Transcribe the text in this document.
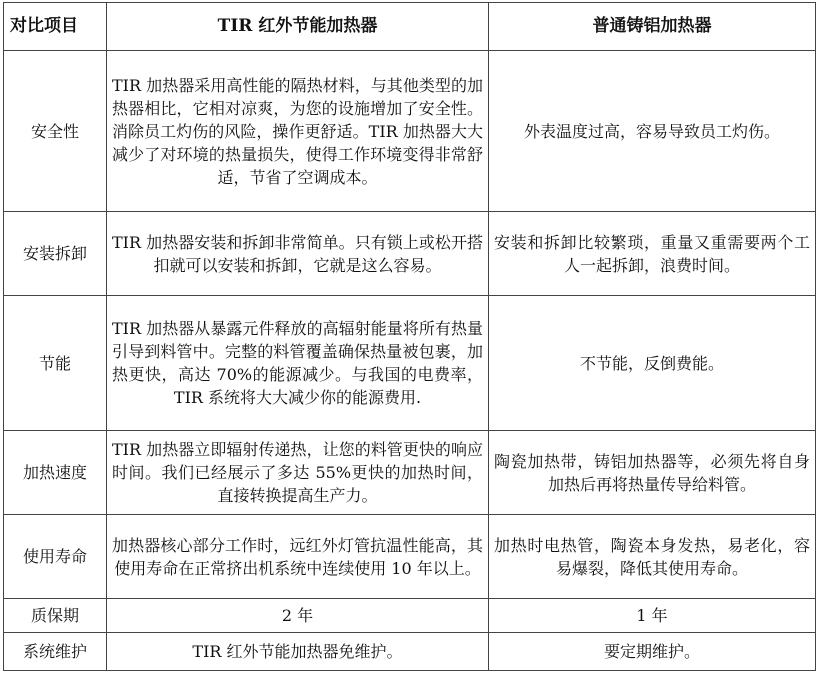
对比项目	TIR 红外节能加热器	普通铸铝加热器
安全性	TIR 加热器采用高性能的隔热材料，与其他类型的加热器相比，它相对凉爽，为您的设施增加了安全性。消除员工灼伤的风险，操作更舒适。TIR 加热器大大减少了对环境的热量损失，使得工作环境变得非常舒适，节省了空调成本。	外表温度过高，容易导致员工灼伤。
安装拆卸	TIR 加热器安装和拆卸非常简单。只有锁上或松开搭扣就可以安装和拆卸，它就是这么容易。	安装和拆卸比较繁琐，重量又重需要两个工人一起拆卸，浪费时间。
节能	TIR 加热器从暴露元件释放的高辐射能量将所有热量引导到料管中。完整的料管覆盖确保热量被包裹，加热更快，高达 70%的能源减少。与我国的电费率，TIR 系统将大大减少你的能源费用.	不节能，反倒费能。
加热速度	TIR 加热器立即辐射传递热，让您的料管更快的响应时间。我们已经展示了多达 55%更快的加热时间，直接转换提高生产力。	陶瓷加热带，铸铝加热器等，必须先将自身加热后再将热量传导给料管。
使用寿命	加热器核心部分工作时，远红外灯管抗温性能高，其使用寿命在正常挤出机系统中连续使用 10 年以上。	加热时电热管，陶瓷本身发热，易老化，容易爆裂，降低其使用寿命。
质保期	2 年	1 年
系统维护	TIR 红外节能加热器免维护。	要定期维护。
